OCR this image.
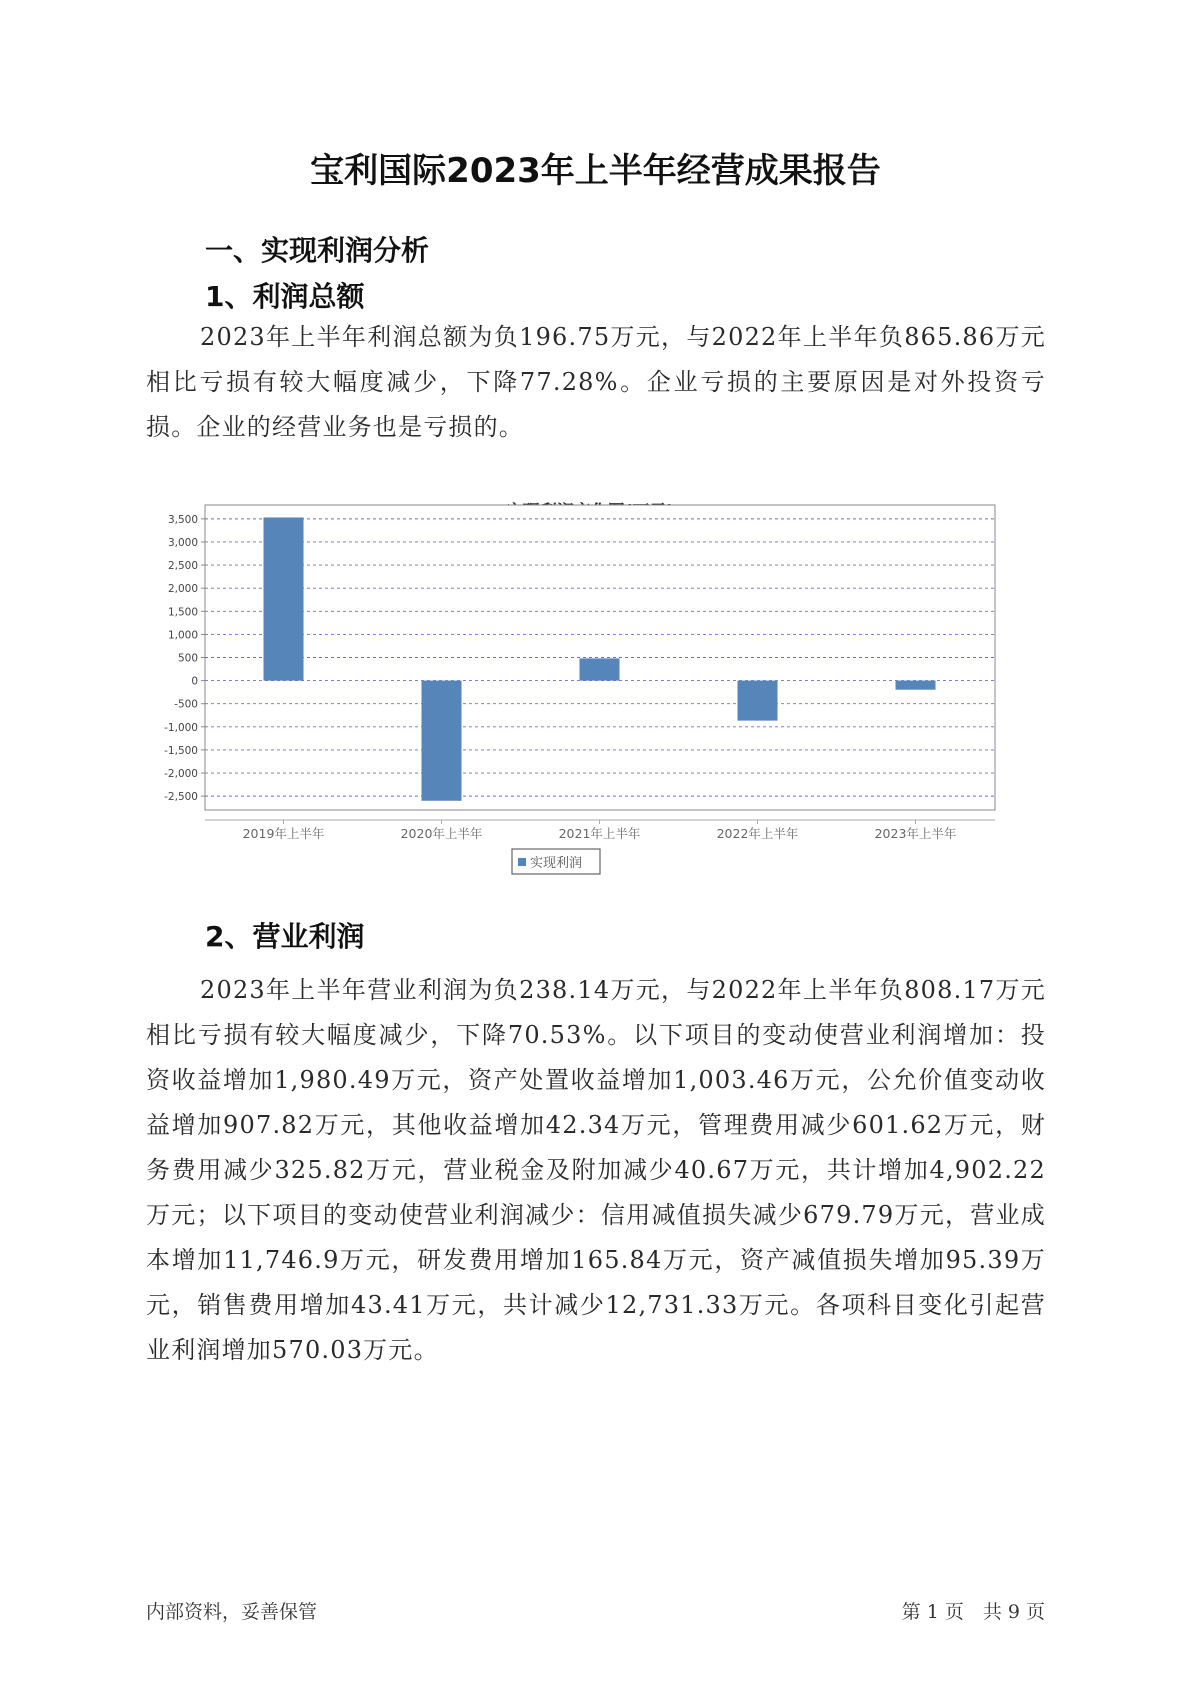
宝利国际2023年上半年经营成果报告
一、实现利润分析
1、利润总额
2023年上半年利润总额为负196.75万元，与2022年上半年负865.86万元相比亏损有较大幅度减少，下降77.28%。企业亏损的主要原因是对外投资亏损。企业的经营业务也是亏损的。
3,500
3,000
2,500
2,000
1,500
1,000
500
0
-500
-1,000
-1,500
-2,000
-2,500
2019年上半年	2020年上半年	2021年上半年	2022年上半年	2023年上半年
实现利润
2、营业利润
2023年上半年营业利润为负238.14万元，与2022年上半年负808.17万元相比亏损有较大幅度减少，下降70.53%。以下项目的变动使营业利润增加：投资收益增加1,980.49万元，资产处置收益增加1,003.46万元，公允价值变动收益增加907.82万元，其他收益增加42.34万元，管理费用减少601.62万元，财务费用减少325.82万元，营业税金及附加减少40.67万元，共计增加4,902.22万元；以下项目的变动使营业利润减少：信用减值损失减少679.79万元，营业成本增加11,746.9万元，研发费用增加165.84万元，资产减值损失增加95.39万元，销售费用增加43.41万元，共计减少12,731.33万元。各项科目变化引起营业利润增加570.03万元。
内部资料，妥善保管	第 1 页　共 9 页
